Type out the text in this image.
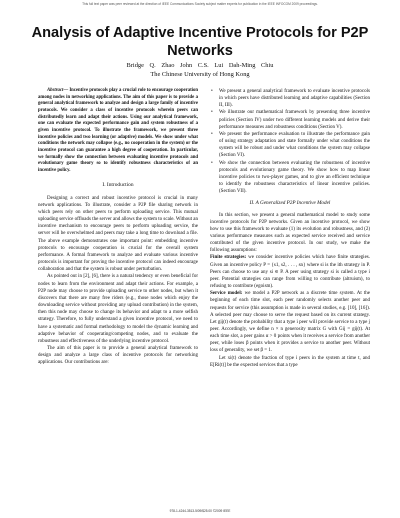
This full text paper was peer reviewed at the direction of IEEE Communications Society subject matter experts for publication in the IEEE INFOCOM 2009 proceedings.
Analysis of Adaptive Incentive Protocols for P2P Networks
Bridge Q. Zhao John C.S. Lui Dah-Ming Chiu
The Chinese University of Hong Kong

Abstract— Incentive protocols play a crucial role to encourage cooperation among nodes in networking applications. The aim of this paper is to provide a general analytical framework to analyze and design a large family of incentive protocols. We consider a class of incentive protocols wherein peers can distributedly learn and adapt their actions. Using our analytical framework, one can evaluate the expected performance gain and system robustness of a given incentive protocol. To illustrate the framework, we present three incentive policies and two learning (or adaptive) models. We show under what conditions the network may collapse (e.g., no cooperation in the system) or the incentive protocol can guarantee a high degree of cooperation. In particular, we formally show the connection between evaluating incentive protocols and evolutionary game theory so to identify robustness characteristics of an incentive policy.

I. Introduction

Designing a correct and robust incentive protocol is crucial in many network applications. To illustrate, consider a P2P file sharing network in which peers rely on other peers to perform uploading service. This mutual uploading service offloads the server and allows the system to scale. Without an incentive mechanism to encourage peers to perform uploading service, the server will be overwhelmed and peers may take a long time to download a file. The above example demonstrates one important point: embedding incentive protocols to encourage cooperation is crucial for the overall system performance. A formal framework to analyze and evaluate various incentive protocols is important for proving the incentive protocol can indeed encourage collaboration and that the system is robust under perturbation.

As pointed out in [2], [6], there is a natural tendency or even beneficial for nodes to learn from the environment and adapt their actions. For example, a P2P node may choose to provide uploading service to other nodes, but when it discovers that there are many free riders (e.g., those nodes which enjoy the downloading service without providing any upload contribution) in the system, then this node may choose to change its behavior and adapt to a more selfish strategy. Therefore, to fully understand a given incentive protocol, we need to have a systematic and formal methodology to model the dynamic learning and adaptive behavior of cooperating/competing nodes, and to evaluate the robustness and effectiveness of the underlying incentive protocol.

The aim of this paper is to provide a general analytical framework to design and analyze a large class of incentive protocols for networking applications. Our contributions are:

• We present a general analytical framework to evaluate incentive protocols in which peers have distributed learning and adaptive capabilities (Section II, III).
• We illustrate our mathematical framework by presenting three incentive policies (Section IV) under two different learning models and derive their performance measures and robustness conditions (Section V).
• We present the performance evaluation to illustrate the performance gain of using strategy adaptation and state formally under what conditions the system will be robust and under what conditions the system may collapse (Section VI).
• We show the connection between evaluating the robustness of incentive protocols and evolutionary game theory. We show how to map linear incentive policies to two-player games, and to give an efficient technique to identify the robustness characteristics of linear incentive policies. (Section VII).
II. A Generalized P2P Incentive Model

In this section, we present a general mathematical model to study some incentive protocols for P2P networks. Given an incentive protocol, we show how to use this framework to evaluate (1) its evolution and robustness, and (2) various performance measures such as expected service received and service contributed of the given incentive protocol. In our study, we make the following assumptions:

Finite strategies: we consider incentive policies which have finite strategies. Given an incentive policy P = {s1, s2, . . . , sn} where si is the ith strategy in P. Peers can choose to use any si ∈ P. A peer using strategy si is called a type i peer. Potential strategies can range from willing to contribute (altruism), to refusing to contribute (egoism).

Service model: we model a P2P network as a discrete time system. At the beginning of each time slot, each peer randomly selects another peer and requests for service (this assumption is made in several studies, e.g. [10], [16]). A selected peer may choose to serve the request based on its current strategy. Let gij(t) denote the probability that a type i peer will provide service to a type j peer. Accordingly, we define n × n generosity matrix G with Gij = gij(t). At each time slot, a peer gains α > 0 points when it receives a service from another peer, while loses β points when it provides a service to another peer. Without loss of generality, we set β = 1.

Let xi(t) denote the fraction of type i peers in the system at time t, and E[Ri(t)] be the expected services that a type

978-1-4244-3513-5/09/$25.00 ©2009 IEEE
